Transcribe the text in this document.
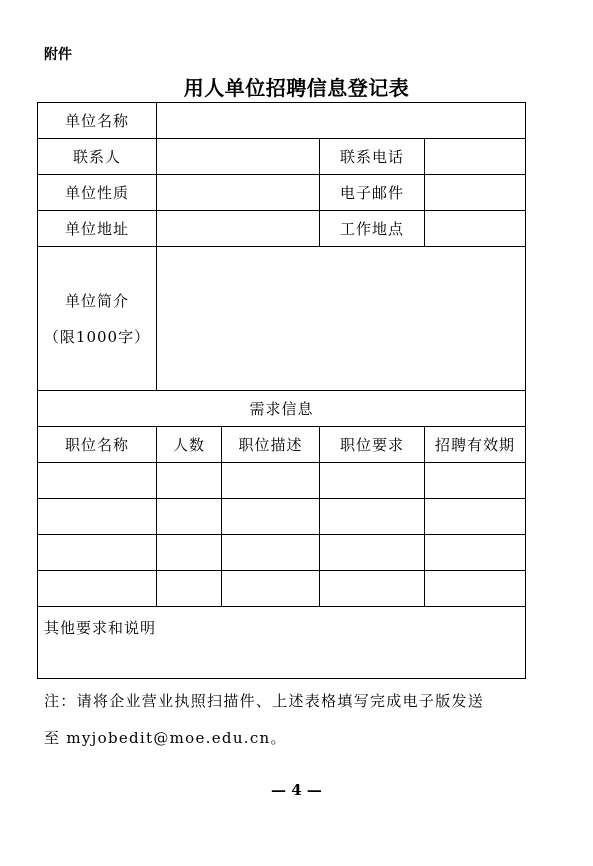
附件
用人单位招聘信息登记表
单位名称				
联系人			联系电话	
单位性质			电子邮件	
单位地址			工作地点	

单位简介
（限1000字）				

需求信息				
职位名称	人数	职位描述	职位要求	招聘有效期

其他要求和说明				
注：请将企业营业执照扫描件、上述表格填写完成电子版发送
至 myjobedit@moe.edu.cn。
— 4 —
